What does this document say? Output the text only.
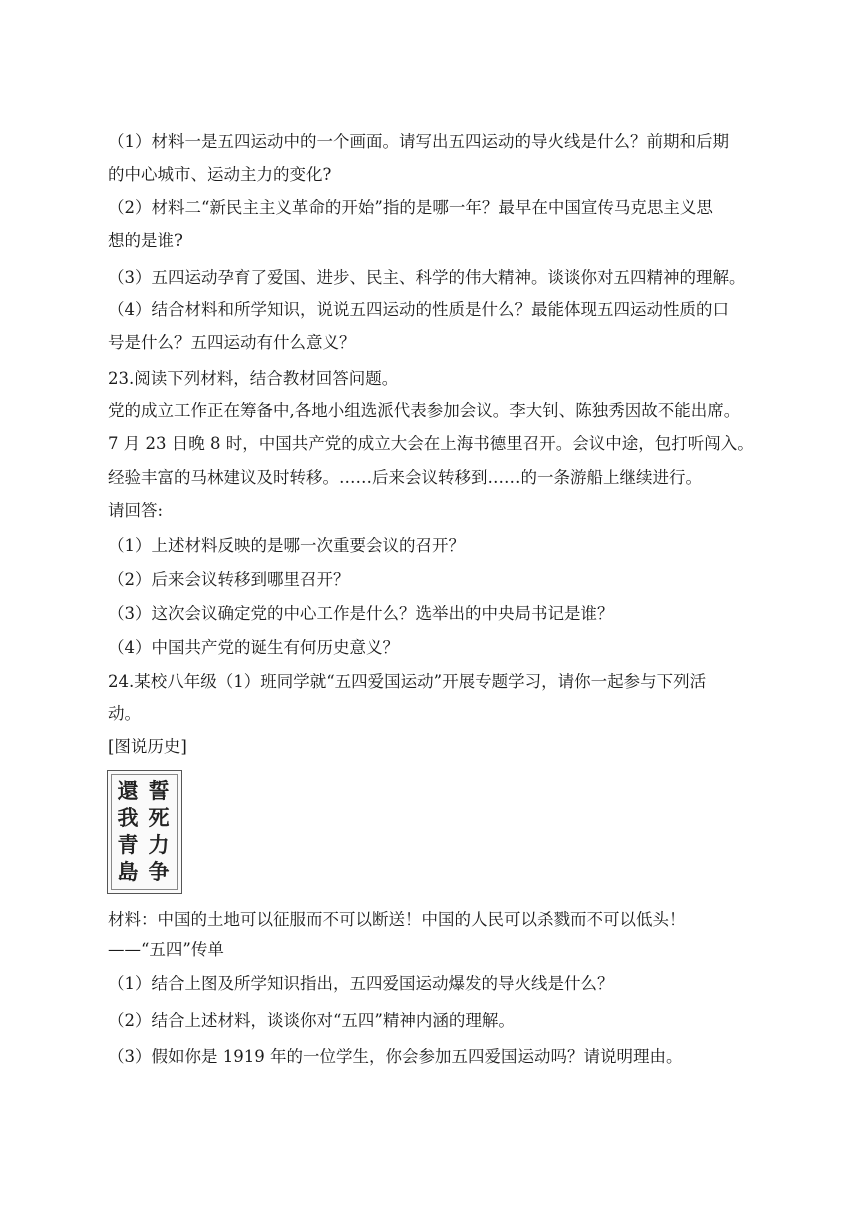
（1）材料一是五四运动中的一个画面。请写出五四运动的导火线是什么？前期和后期
的中心城市、运动主力的变化?
（2）材料二“新民主主义革命的开始”指的是哪一年？最早在中国宣传马克思主义思
想的是谁?
（3）五四运动孕育了爱国、进步、民主、科学的伟大精神。谈谈你对五四精神的理解。
（4）结合材料和所学知识，说说五四运动的性质是什么？最能体现五四运动性质的口
号是什么？五四运动有什么意义？
23.阅读下列材料，结合教材回答问题。
党的成立工作正在筹备中,各地小组选派代表参加会议。李大钊、陈独秀因故不能出席。
7 月 23 日晚 8 时，中国共产党的成立大会在上海书德里召开。会议中途，包打听闯入。
经验丰富的马林建议及时转移。……后来会议转移到……的一条游船上继续进行。
请回答:
（1）上述材料反映的是哪一次重要会议的召开？
（2）后来会议转移到哪里召开？
（3）这次会议确定党的中心工作是什么？选举出的中央局书记是谁？
（4）中国共产党的诞生有何历史意义？
24.某校八年级（1）班同学就“五四爱国运动”开展专题学习，请你一起参与下列活
动。
[图说历史]
誓
死
力
争
還
我
青
島
材料：中国的土地可以征服而不可以断送！中国的人民可以杀戮而不可以低头！
——“五四”传单
（1）结合上图及所学知识指出，五四爱国运动爆发的导火线是什么？
（2）结合上述材料，谈谈你对“五四”精神内涵的理解。
（3）假如你是 1919 年的一位学生，你会参加五四爱国运动吗？请说明理由。
